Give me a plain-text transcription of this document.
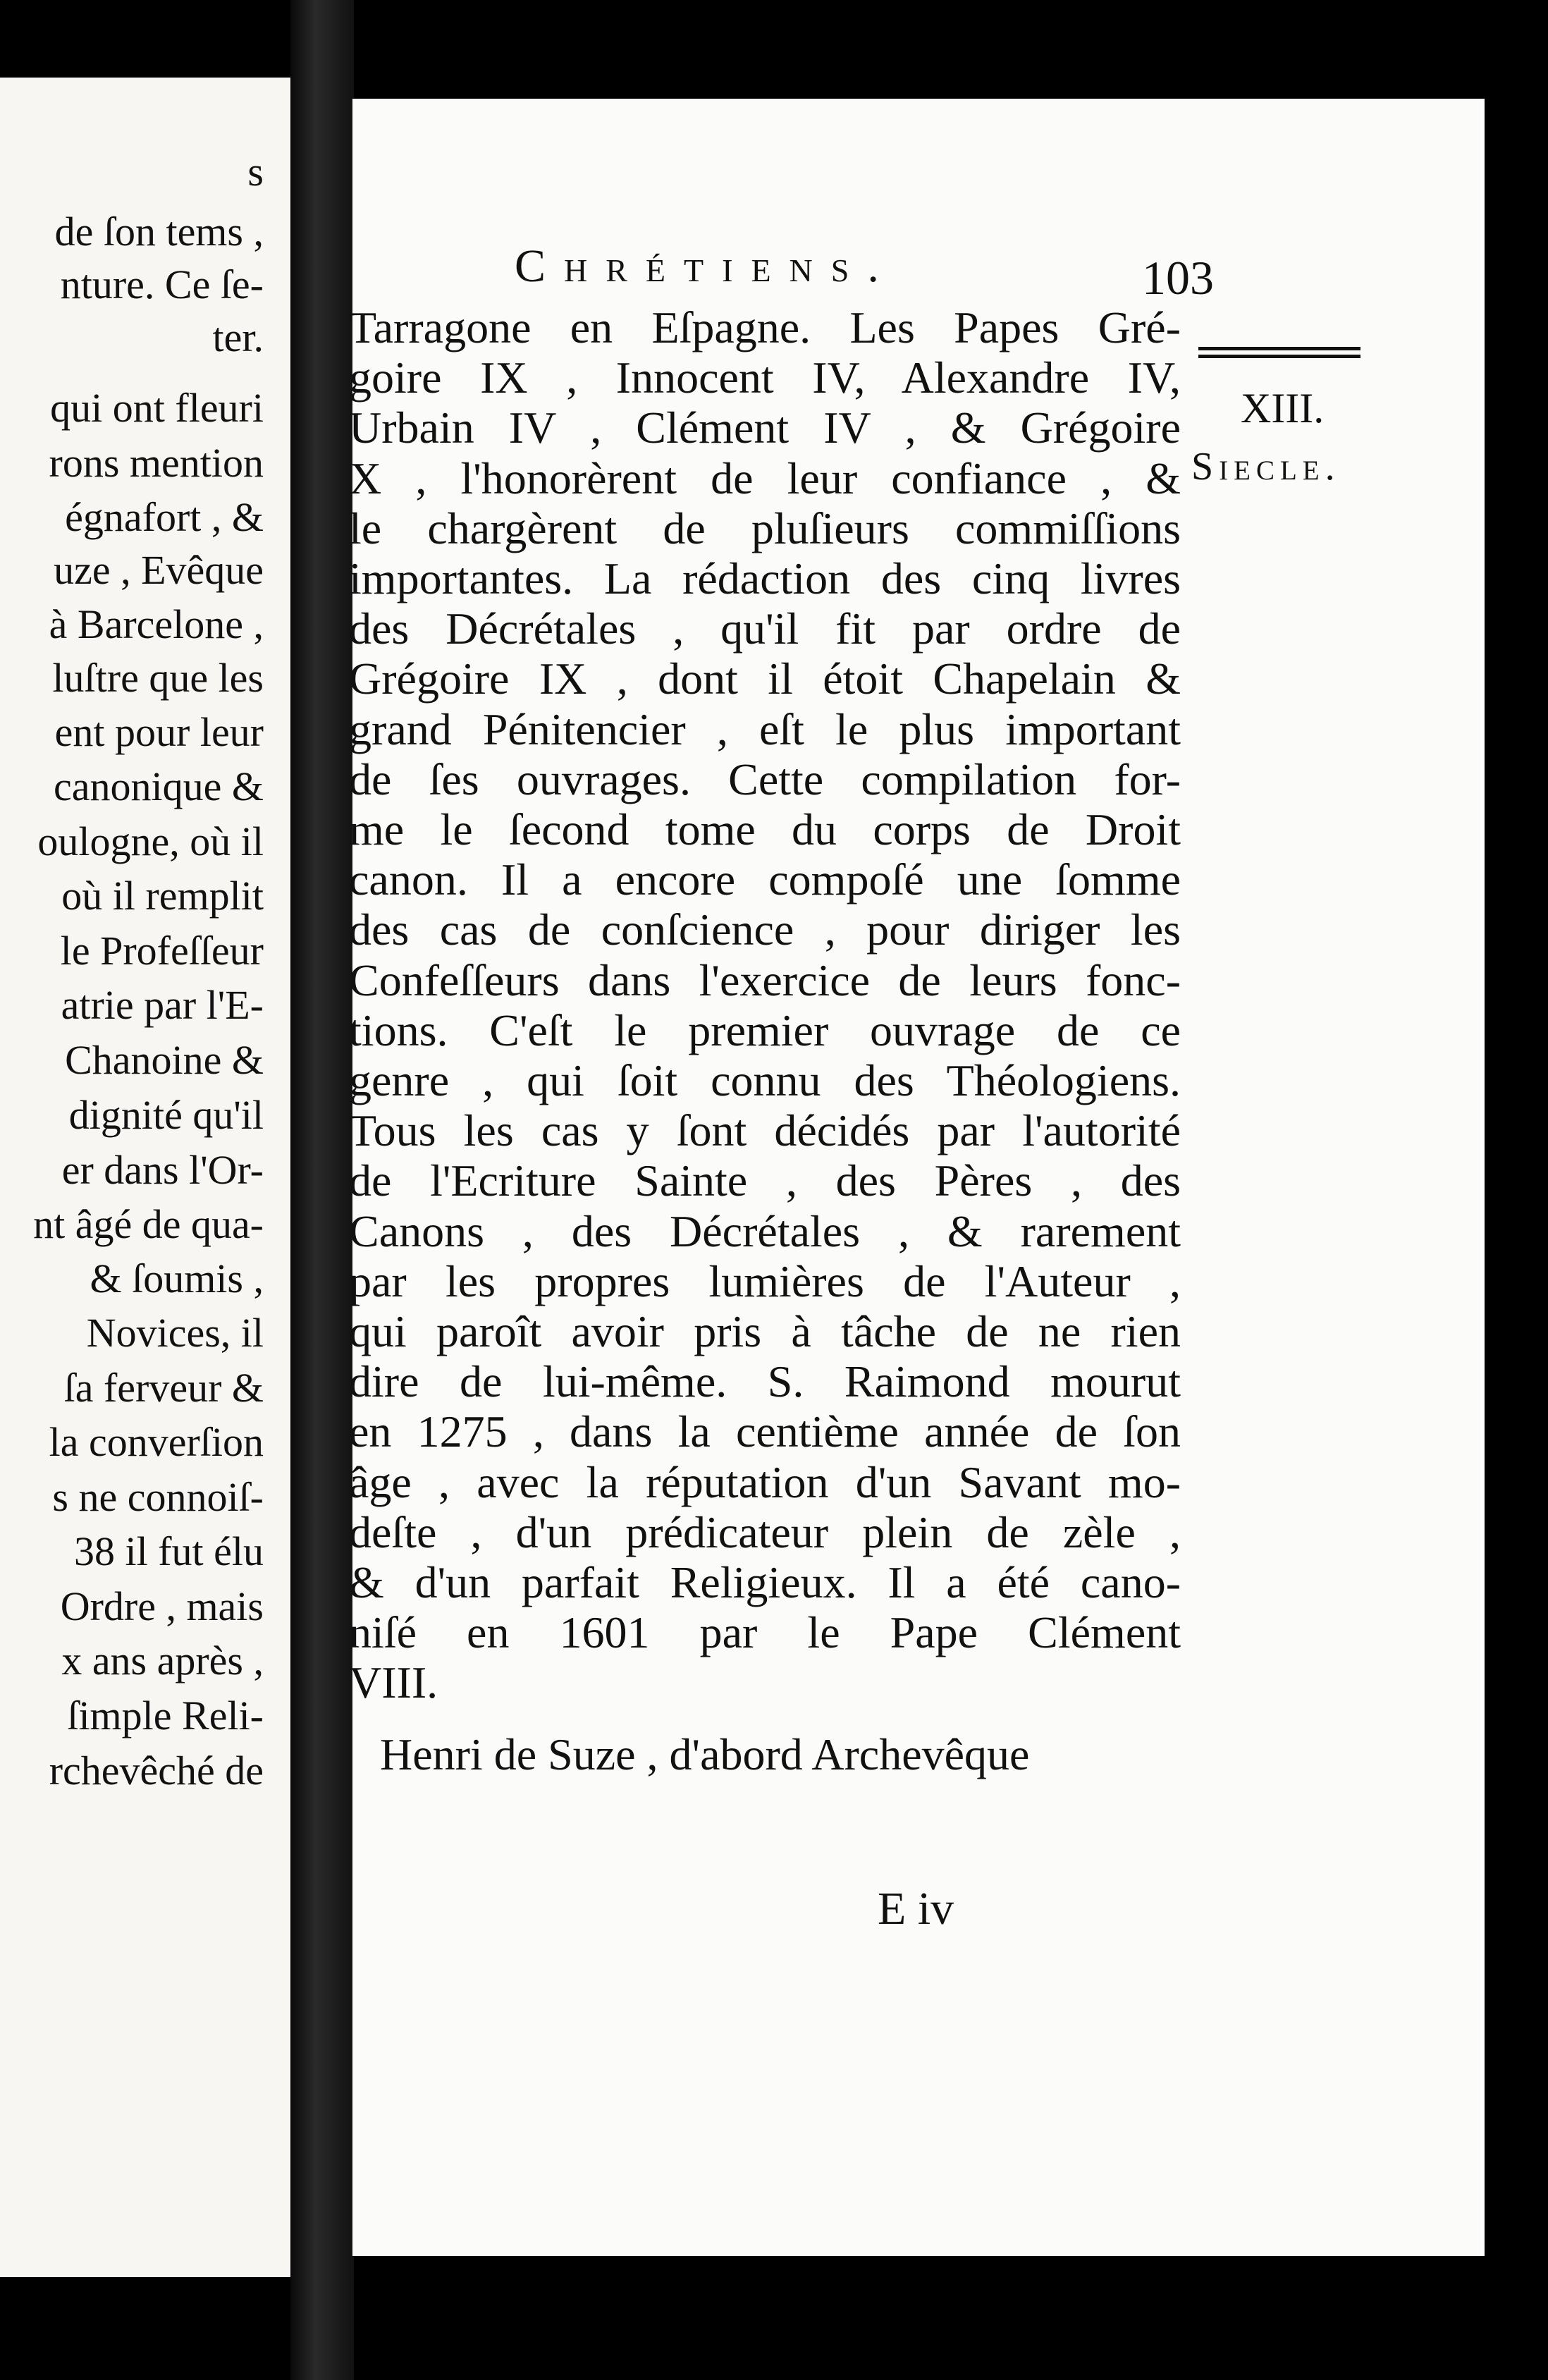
s
de ſon tems ,
nture. Ce ſe-
ter.
qui ont fleuri
rons mention
égnafort , &
uze , Evêque
à Barcelone ,
luſtre que les
ent pour leur
canonique &
oulogne, où il
où il remplit
le Profeſſeur
atrie par l'E-
Chanoine &
dignité qu'il
er dans l'Or-
nt âgé de qua-
& ſoumis ,
Novices, il
ſa ferveur &
la converſion
s ne connoiſ-
38 il fut élu
Ordre , mais
x ans après ,
ſimple Reli-
rchevêché de
Chrétiens.	103
XIII.
Siecle.
Tarragone en Eſpagne. Les Papes Gré-
goire IX , Innocent IV, Alexandre IV,
Urbain IV , Clément IV , & Grégoire
X , l'honorèrent de leur confiance , &
le chargèrent de pluſieurs commiſſions
importantes. La rédaction des cinq livres
des Décrétales , qu'il fit par ordre de
Grégoire IX , dont il étoit Chapelain &
grand Pénitencier , eſt le plus important
de ſes ouvrages. Cette compilation for-
me le ſecond tome du corps de Droit
canon. Il a encore compoſé une ſomme
des cas de conſcience , pour diriger les
Confeſſeurs dans l'exercice de leurs fonc-
tions. C'eſt le premier ouvrage de ce
genre , qui ſoit connu des Théologiens.
Tous les cas y ſont décidés par l'autorité
de l'Ecriture Sainte , des Pères , des
Canons , des Décrétales , & rarement
par les propres lumières de l'Auteur ,
qui paroît avoir pris à tâche de ne rien
dire de lui-même. S. Raimond mourut
en 1275 , dans la centième année de ſon
âge , avec la réputation d'un Savant mo-
deſte , d'un prédicateur plein de zèle ,
& d'un parfait Religieux. Il a été cano-
niſé en 1601 par le Pape Clément
VIII.
Henri de Suze , d'abord Archevêque
E iv
